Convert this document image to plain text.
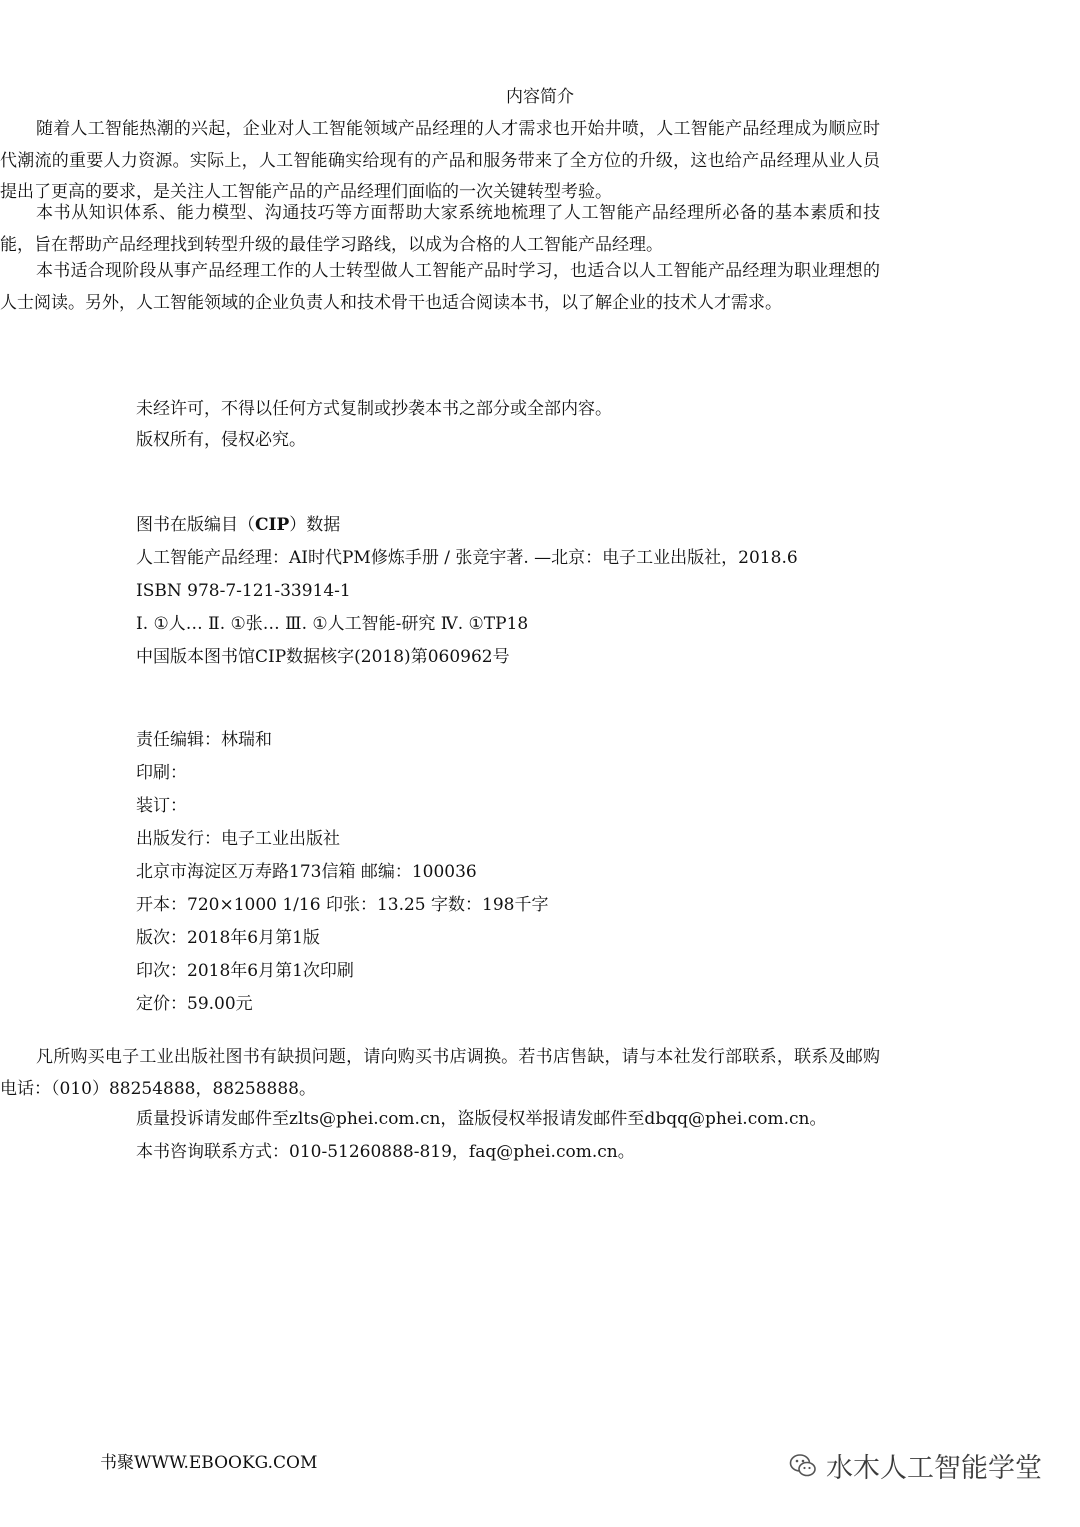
内容简介

随着人工智能热潮的兴起，企业对人工智能领域产品经理的人才需求也开始井喷，人工智能产品经理成为顺应时代潮流的重要人力资源。实际上，人工智能确实给现有的产品和服务带来了全方位的升级，这也给产品经理从业人员提出了更高的要求，是关注人工智能产品的产品经理们面临的一次关键转型考验。

本书从知识体系、能力模型、沟通技巧等方面帮助大家系统地梳理了人工智能产品经理所必备的基本素质和技能，旨在帮助产品经理找到转型升级的最佳学习路线，以成为合格的人工智能产品经理。

本书适合现阶段从事产品经理工作的人士转型做人工智能产品时学习，也适合以人工智能产品经理为职业理想的人士阅读。另外，人工智能领域的企业负责人和技术骨干也适合阅读本书，以了解企业的技术人才需求。

未经许可，不得以任何方式复制或抄袭本书之部分或全部内容。
版权所有，侵权必究。
图书在版编目（CIP）数据
人工智能产品经理：AI时代PM修炼手册 / 张竞宇著. —北京：电子工业出版社，2018.6
ISBN 978-7-121-33914-1
Ⅰ. ①人… Ⅱ. ①张… Ⅲ. ①人工智能-研究 Ⅳ. ①TP18
中国版本图书馆CIP数据核字(2018)第060962号
责任编辑：林瑞和
印刷：
装订：
出版发行：电子工业出版社
北京市海淀区万寿路173信箱 邮编：100036
开本：720×1000 1/16 印张：13.25 字数：198千字
版次：2018年6月第1版
印次：2018年6月第1次印刷
定价：59.00元

凡所购买电子工业出版社图书有缺损问题，请向购买书店调换。若书店售缺，请与本社发行部联系，联系及邮购电话：（010）88254888，88258888。

质量投诉请发邮件至zlts@phei.com.cn，盗版侵权举报请发邮件至dbqq@phei.com.cn。
本书咨询联系方式：010-51260888-819，faq@phei.com.cn。
书聚WWW.EBOOKG.COM	水木人工智能学堂
